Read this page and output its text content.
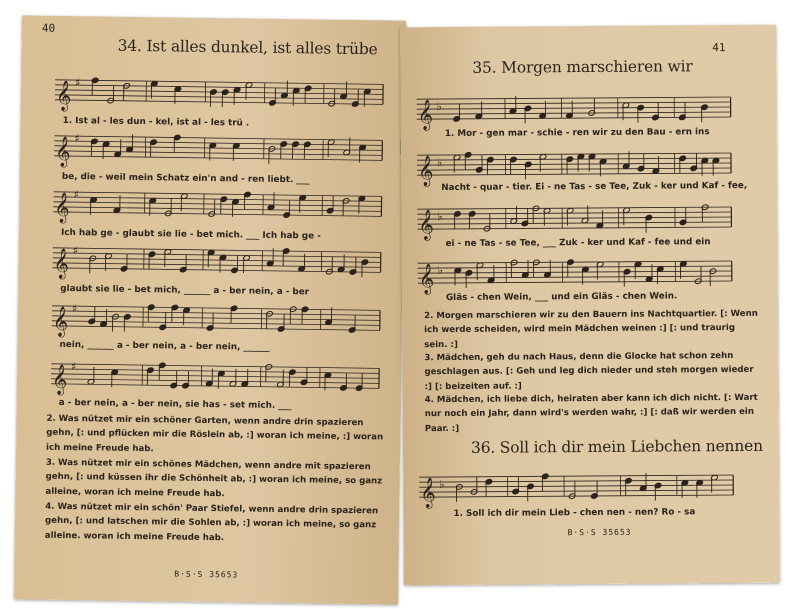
40
34. Ist alles dunkel, ist alles trübe
𝄞 ♯
1. Ist al - les dun - kel, ist al - les trü .
𝄞 ♯
be, die - weil mein Schatz ein'n and - ren liebt. ___
𝄞 ♯
Ich hab ge - glaubt sie lie - bet mich. ___ Ich hab ge -
𝄞 ♯
glaubt sie lie - bet mich, ______ a - ber nein, a - ber
𝄞 ♯
nein, ______ a - ber nein, a - ber nein, ______
𝄞 ♯
a - ber nein, a - ber nein, sie has - set mich. ___
2. Was nützet mir ein schöner Garten, wenn andre drin spazieren gehn, [: und pflücken mir die Röslein ab, :] woran ich meine, :] woran ich meine Freude hab.
3. Was nützet mir ein schönes Mädchen, wenn andre mit spazieren gehn, [: und küssen ihr die Schönheit ab, :] woran ich meine, so ganz alleine, woran ich meine Freude hab.
4. Was nützet mir ein schön' Paar Stiefel, wenn andre drin spazieren gehn, [: und latschen mir die Sohlen ab, :] woran ich meine, so ganz alleine. woran ich meine Freude hab.
B·S·S 35653
41
35. Morgen marschieren wir
𝄞 ♭
1. Mor - gen mar - schie - ren wir zu den Bau - ern ins
𝄞 ♭
Nacht - quar - tier. Ei - ne Tas - se Tee, Zuk - ker und Kaf - fee,
𝄞 ♭
ei - ne Tas - se Tee, ___ Zuk - ker und Kaf - fee und ein
𝄞 ♭
Gläs - chen Wein, ___ und ein Gläs - chen Wein.
2. Morgen marschieren wir zu den Bauern ins Nachtquartier. [: Wenn ich werde scheiden, wird mein Mädchen weinen :] [: und traurig sein. :]
3. Mädchen, geh du nach Haus, denn die Glocke hat schon zehn geschlagen aus. [: Geh und leg dich nieder und steh morgen wieder :] [: beizeiten auf. :]
4. Mädchen, ich liebe dich, heiraten aber kann ich dich nicht. [: Wart nur noch ein Jahr, dann wird's werden wahr, :] [: daß wir werden ein Paar. :]
36. Soll ich dir mein Liebchen nennen
𝄞 ♭
1. Soll ich dir mein Lieb - chen nen - nen? Ro - sa
B·S·S 35653
